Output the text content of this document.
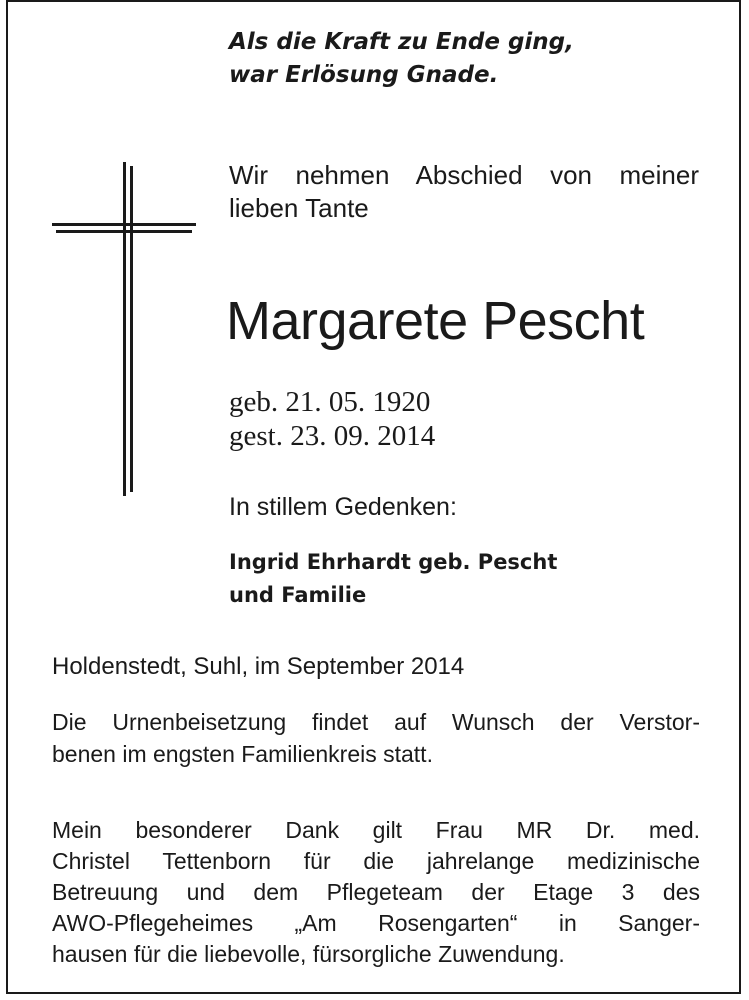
Als die Kraft zu Ende ging,
war Erlösung Gnade.

Wir nehmen Abschied von meiner
lieben Tante

Margarete Pescht

geb. 21. 05. 1920
gest. 23. 09. 2014

In stillem Gedenken:

Ingrid Ehrhardt geb. Pescht
und Familie

Holdenstedt, Suhl, im September 2014

Die Urnenbeisetzung findet auf Wunsch der Verstor-
benen im engsten Familienkreis statt.

Mein besonderer Dank gilt Frau MR Dr. med.
Christel Tettenborn für die jahrelange medizinische
Betreuung und dem Pflegeteam der Etage 3 des
AWO-Pflegeheimes „Am Rosengarten“ in Sanger-
hausen für die liebevolle, fürsorgliche Zuwendung.
